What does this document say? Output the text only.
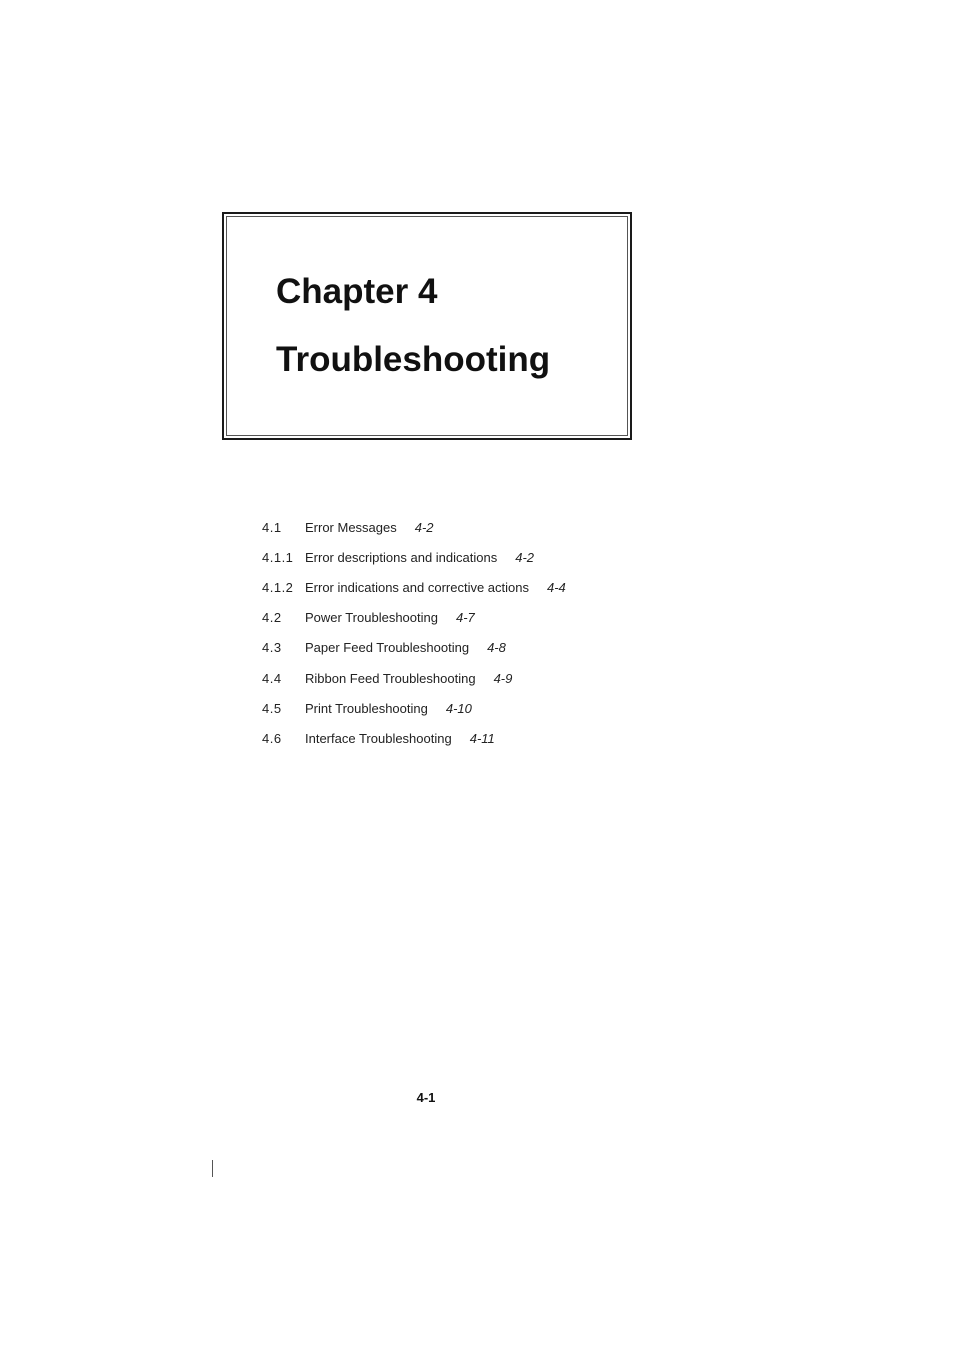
Chapter 4
Troubleshooting
4.1	Error Messages 4-2
4.1.1 Error descriptions and indications 4-2
4.1.2 Error indications and corrective actions 4-4
4.2	Power Troubleshooting 4-7
4.3	Paper Feed Troubleshooting 4-8
4.4	Ribbon Feed Troubleshooting 4-9
4.5	Print Troubleshooting 4-10
4.6	Interface Troubleshooting 4-11
4-1
